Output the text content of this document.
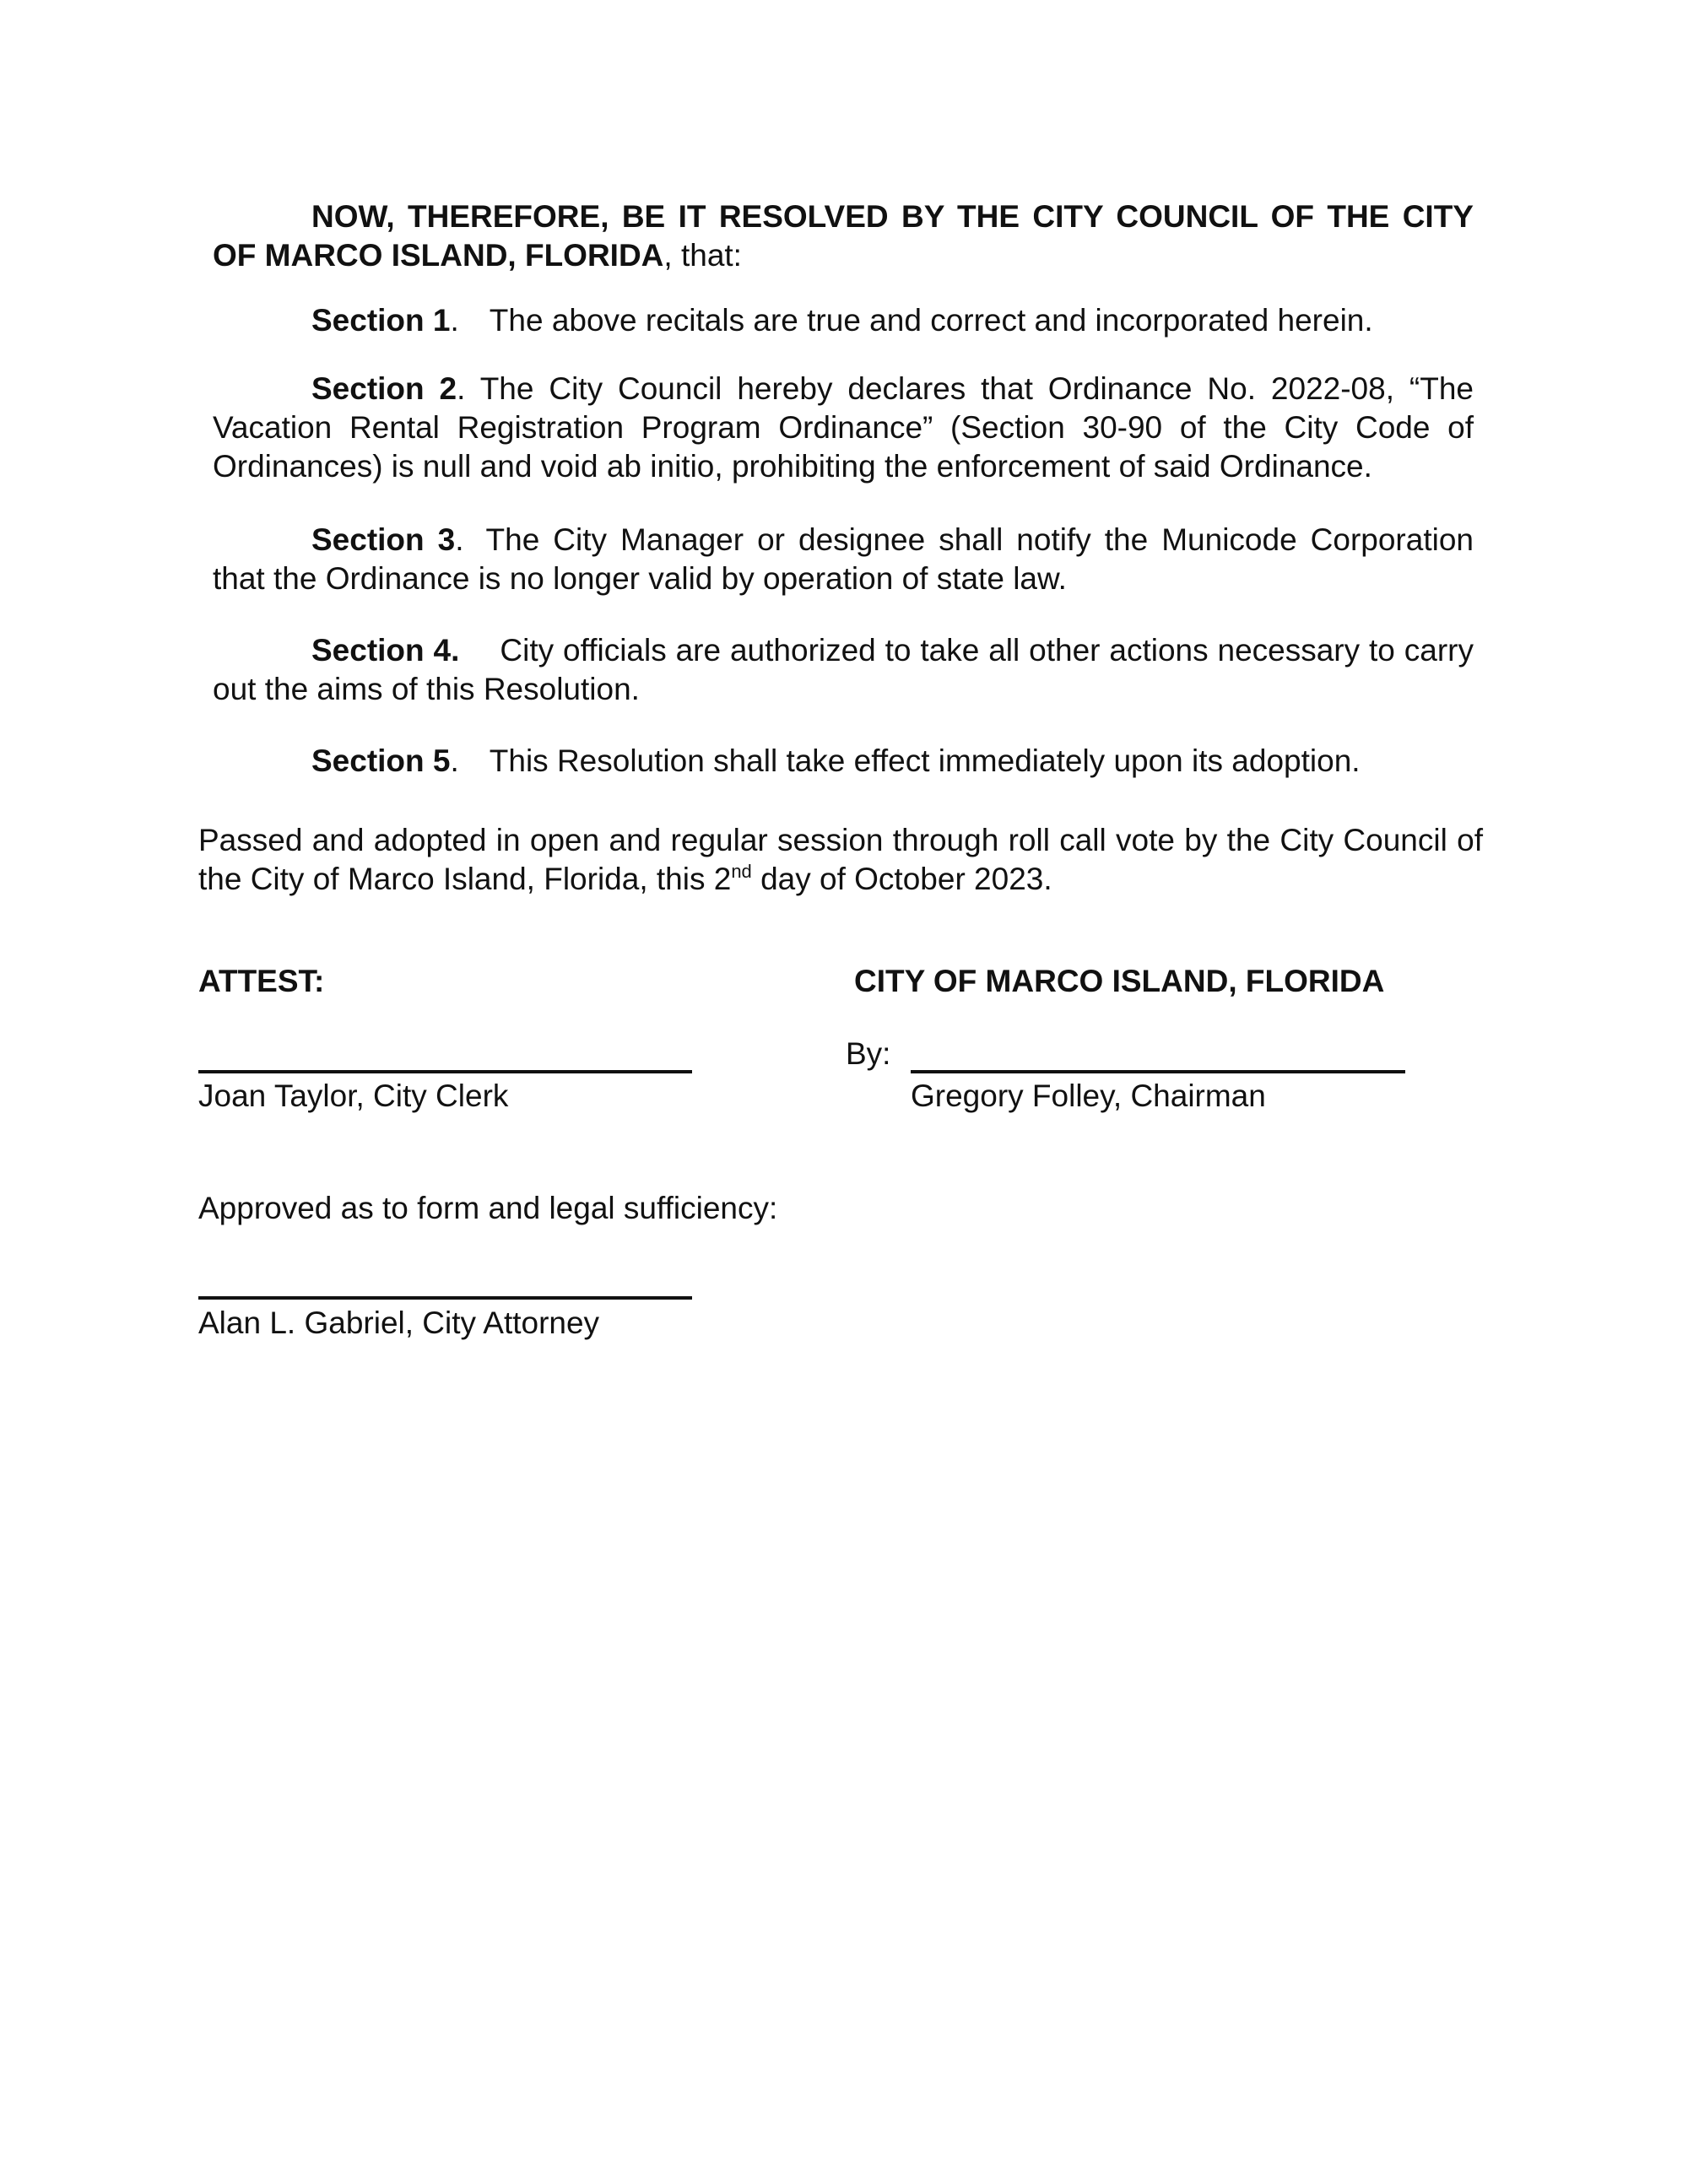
NOW, THEREFORE, BE IT RESOLVED BY THE CITY COUNCIL OF THE CITY OF MARCO ISLAND, FLORIDA, that:
Section 1. The above recitals are true and correct and incorporated herein.
Section 2. The City Council hereby declares that Ordinance No. 2022-08, “The Vacation Rental Registration Program Ordinance” (Section 30-90 of the City Code of Ordinances) is null and void ab initio, prohibiting the enforcement of said Ordinance.
Section 3. The City Manager or designee shall notify the Municode Corporation that the Ordinance is no longer valid by operation of state law.
Section 4. City officials are authorized to take all other actions necessary to carry out the aims of this Resolution.
Section 5. This Resolution shall take effect immediately upon its adoption.
Passed and adopted in open and regular session through roll call vote by the City Council of the City of Marco Island, Florida, this 2nd day of October 2023.
ATTEST:	CITY OF MARCO ISLAND, FLORIDA
By:
Joan Taylor, City Clerk	Gregory Folley, Chairman
Approved as to form and legal sufficiency:
Alan L. Gabriel, City Attorney
